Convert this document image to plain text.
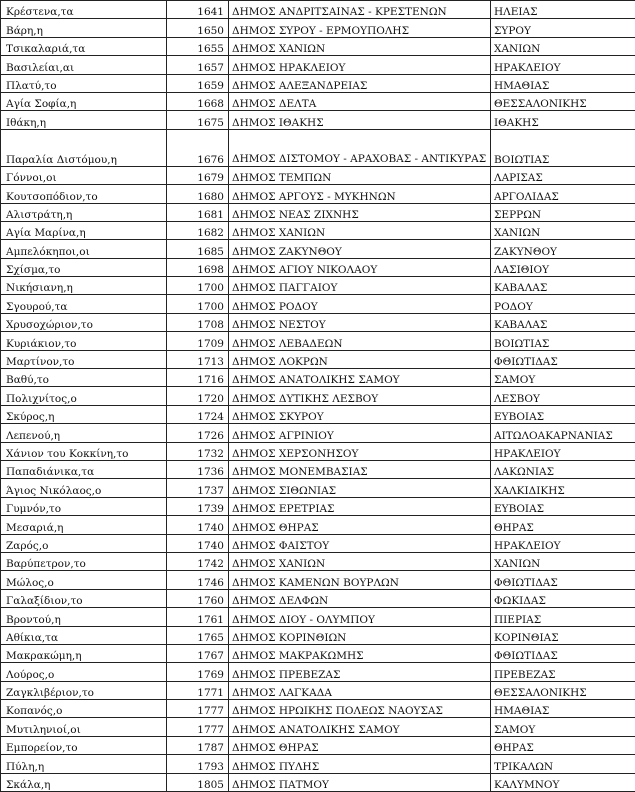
Κρέστενα,τα	1641	ΔΗΜΟΣ ΑΝΔΡΙΤΣΑΙΝΑΣ - ΚΡΕΣΤΕΝΩΝ	ΗΛΕΙΑΣ
Βάρη,η	1650	ΔΗΜΟΣ ΣΥΡΟΥ - ΕΡΜΟΥΠΟΛΗΣ	ΣΥΡΟΥ
Τσικαλαριά,τα	1655	ΔΗΜΟΣ ΧΑΝΙΩΝ	ΧΑΝΙΩΝ
Βασιλείαι,αι	1657	ΔΗΜΟΣ ΗΡΑΚΛΕΙΟΥ	ΗΡΑΚΛΕΙΟΥ
Πλατύ,το	1659	ΔΗΜΟΣ ΑΛΕΞΑΝΔΡΕΙΑΣ	ΗΜΑΘΙΑΣ
Αγία Σοφία,η	1668	ΔΗΜΟΣ ΔΕΛΤΑ	ΘΕΣΣΑΛΟΝΙΚΗΣ
Ιθάκη,η	1675	ΔΗΜΟΣ ΙΘΑΚΗΣ	ΙΘΑΚΗΣ
Παραλία Διστόμου,η	1676	ΔΗΜΟΣ ΔΙΣΤΟΜΟΥ - ΑΡΑΧΟΒΑΣ - ΑΝΤΙΚΥΡΑΣ	ΒΟΙΩΤΙΑΣ
Γόννοι,οι	1679	ΔΗΜΟΣ ΤΕΜΠΩΝ	ΛΑΡΙΣΑΣ
Κουτσοπόδιον,το	1680	ΔΗΜΟΣ ΑΡΓΟΥΣ - ΜΥΚΗΝΩΝ	ΑΡΓΟΛΙΔΑΣ
Αλιστράτη,η	1681	ΔΗΜΟΣ ΝΕΑΣ ΖΙΧΝΗΣ	ΣΕΡΡΩΝ
Αγία Μαρίνα,η	1682	ΔΗΜΟΣ ΧΑΝΙΩΝ	ΧΑΝΙΩΝ
Αμπελόκηποι,οι	1685	ΔΗΜΟΣ ΖΑΚΥΝΘΟΥ	ΖΑΚΥΝΘΟΥ
Σχίσμα,το	1698	ΔΗΜΟΣ ΑΓΙΟΥ ΝΙΚΟΛΑΟΥ	ΛΑΣΙΘΙΟΥ
Νικήσιανη,η	1700	ΔΗΜΟΣ ΠΑΓΓΑΙΟΥ	ΚΑΒΑΛΑΣ
Σγουρού,τα	1700	ΔΗΜΟΣ ΡΟΔΟΥ	ΡΟΔΟΥ
Χρυσοχώριον,το	1708	ΔΗΜΟΣ ΝΕΣΤΟΥ	ΚΑΒΑΛΑΣ
Κυριάκιον,το	1709	ΔΗΜΟΣ ΛΕΒΑΔΕΩΝ	ΒΟΙΩΤΙΑΣ
Μαρτίνον,το	1713	ΔΗΜΟΣ ΛΟΚΡΩΝ	ΦΘΙΩΤΙΔΑΣ
Βαθύ,το	1716	ΔΗΜΟΣ ΑΝΑΤΟΛΙΚΗΣ ΣΑΜΟΥ	ΣΑΜΟΥ
Πολιχνίτος,ο	1720	ΔΗΜΟΣ ΔΥΤΙΚΗΣ ΛΕΣΒΟΥ	ΛΕΣΒΟΥ
Σκύρος,η	1724	ΔΗΜΟΣ ΣΚΥΡΟΥ	ΕΥΒΟΙΑΣ
Λεπενού,η	1726	ΔΗΜΟΣ ΑΓΡΙΝΙΟΥ	ΑΙΤΩΛΟΑΚΑΡΝΑΝΙΑΣ
Χάνιον του Κοκκίνη,το	1732	ΔΗΜΟΣ ΧΕΡΣΟΝΗΣΟΥ	ΗΡΑΚΛΕΙΟΥ
Παπαδιάνικα,τα	1736	ΔΗΜΟΣ ΜΟΝΕΜΒΑΣΙΑΣ	ΛΑΚΩΝΙΑΣ
Άγιος Νικόλαος,ο	1737	ΔΗΜΟΣ ΣΙΘΩΝΙΑΣ	ΧΑΛΚΙΔΙΚΗΣ
Γυμνόν,το	1739	ΔΗΜΟΣ ΕΡΕΤΡΙΑΣ	ΕΥΒΟΙΑΣ
Μεσαριά,η	1740	ΔΗΜΟΣ ΘΗΡΑΣ	ΘΗΡΑΣ
Ζαρός,ο	1740	ΔΗΜΟΣ ΦΑΙΣΤΟΥ	ΗΡΑΚΛΕΙΟΥ
Βαρύπετρον,το	1742	ΔΗΜΟΣ ΧΑΝΙΩΝ	ΧΑΝΙΩΝ
Μώλος,ο	1746	ΔΗΜΟΣ ΚΑΜΕΝΩΝ ΒΟΥΡΛΩΝ	ΦΘΙΩΤΙΔΑΣ
Γαλαξίδιον,το	1760	ΔΗΜΟΣ ΔΕΛΦΩΝ	ΦΩΚΙΔΑΣ
Βροντού,η	1761	ΔΗΜΟΣ ΔΙΟΥ - ΟΛΥΜΠΟΥ	ΠΙΕΡΙΑΣ
Αθίκια,τα	1765	ΔΗΜΟΣ ΚΟΡΙΝΘΙΩΝ	ΚΟΡΙΝΘΙΑΣ
Μακρακώμη,η	1767	ΔΗΜΟΣ ΜΑΚΡΑΚΩΜΗΣ	ΦΘΙΩΤΙΔΑΣ
Λούρος,ο	1769	ΔΗΜΟΣ ΠΡΕΒΕΖΑΣ	ΠΡΕΒΕΖΑΣ
Ζαγκλιβέριον,το	1771	ΔΗΜΟΣ ΛΑΓΚΑΔΑ	ΘΕΣΣΑΛΟΝΙΚΗΣ
Κοπανός,ο	1777	ΔΗΜΟΣ ΗΡΩΙΚΗΣ ΠΟΛΕΩΣ ΝΑΟΥΣΑΣ	ΗΜΑΘΙΑΣ
Μυτιληνιοί,οι	1777	ΔΗΜΟΣ ΑΝΑΤΟΛΙΚΗΣ ΣΑΜΟΥ	ΣΑΜΟΥ
Εμπορείον,το	1787	ΔΗΜΟΣ ΘΗΡΑΣ	ΘΗΡΑΣ
Πύλη,η	1793	ΔΗΜΟΣ ΠΥΛΗΣ	ΤΡΙΚΑΛΩΝ
Σκάλα,η	1805	ΔΗΜΟΣ ΠΑΤΜΟΥ	ΚΑΛΥΜΝΟΥ
